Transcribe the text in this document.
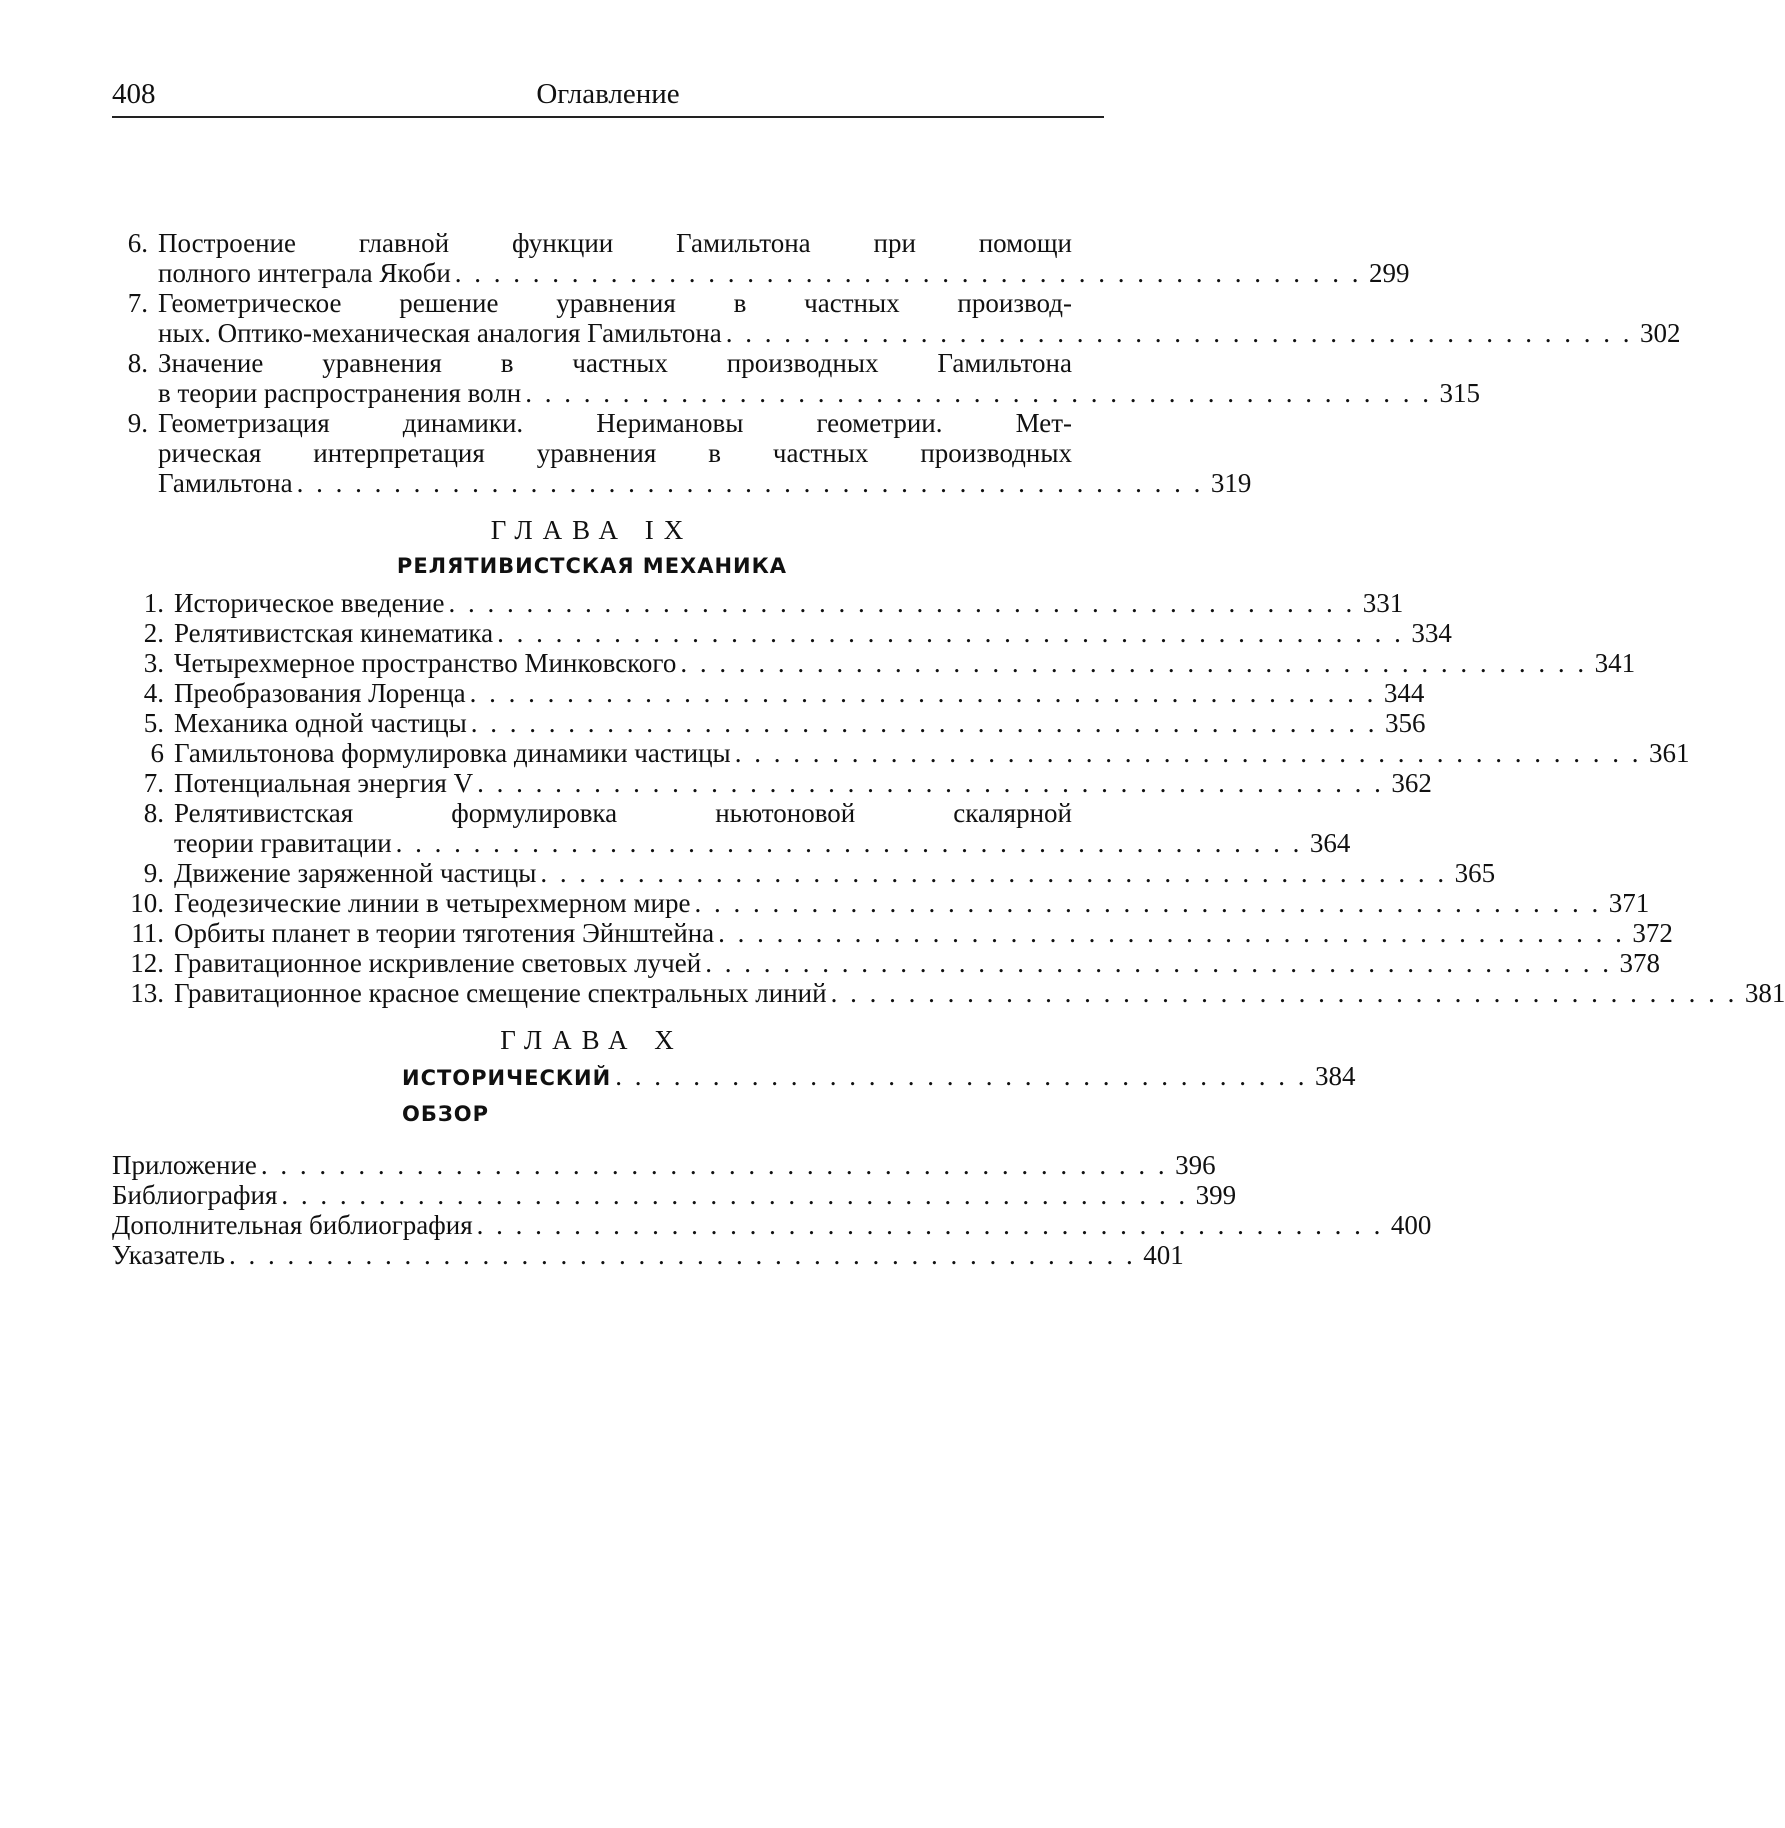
408	Оглавление
6. Построение главной функции Гамильтона при помощи
полного интеграла Якоби . . . . . . . . . . . . . . . . . . . . . . . . . . . . . . . . . . . . . . . . . . . . . . . 299
7. Геометрическое решение уравнения в частных производ-
ных. Оптико-механическая аналогия Гамильтона . . . . . . . . . . . . . . . . . . . . . . . . . . . . . . . . . . . . . . . . . . . . . . . 302
8. Значение уравнения в частных производных Гамильтона
в теории распространения волн . . . . . . . . . . . . . . . . . . . . . . . . . . . . . . . . . . . . . . . . . . . . . . . 315
9. Геометризация динамики. Неримановы геометрии. Мет-
рическая интерпретация уравнения в частных производных
Гамильтона . . . . . . . . . . . . . . . . . . . . . . . . . . . . . . . . . . . . . . . . . . . . . . . 319
ГЛАВА IX
РЕЛЯТИВИСТСКАЯ МЕХАНИКА
1. Историческое введение . . . . . . . . . . . . . . . . . . . . . . . . . . . . . . . . . . . . . . . . . . . . . . . 331
2. Релятивистская кинематика . . . . . . . . . . . . . . . . . . . . . . . . . . . . . . . . . . . . . . . . . . . . . . . 334
3. Четырехмерное пространство Минковского . . . . . . . . . . . . . . . . . . . . . . . . . . . . . . . . . . . . . . . . . . . . . . . 341
4. Преобразования Лоренца . . . . . . . . . . . . . . . . . . . . . . . . . . . . . . . . . . . . . . . . . . . . . . . 344
5. Механика одной частицы . . . . . . . . . . . . . . . . . . . . . . . . . . . . . . . . . . . . . . . . . . . . . . . 356
6 Гамильтонова формулировка динамики частицы . . . . . . . . . . . . . . . . . . . . . . . . . . . . . . . . . . . . . . . . . . . . . . . 361
7. Потенциальная энергия V . . . . . . . . . . . . . . . . . . . . . . . . . . . . . . . . . . . . . . . . . . . . . . . 362
8. Релятивистская формулировка ньютоновой скалярной
теории гравитации . . . . . . . . . . . . . . . . . . . . . . . . . . . . . . . . . . . . . . . . . . . . . . . 364
9. Движение заряженной частицы . . . . . . . . . . . . . . . . . . . . . . . . . . . . . . . . . . . . . . . . . . . . . . . 365
10. Геодезические линии в четырехмерном мире . . . . . . . . . . . . . . . . . . . . . . . . . . . . . . . . . . . . . . . . . . . . . . . 371
11. Орбиты планет в теории тяготения Эйнштейна . . . . . . . . . . . . . . . . . . . . . . . . . . . . . . . . . . . . . . . . . . . . . . . 372
12. Гравитационное искривление световых лучей . . . . . . . . . . . . . . . . . . . . . . . . . . . . . . . . . . . . . . . . . . . . . . . 378
13. Гравитационное красное смещение спектральных линий . . . . . . . . . . . . . . . . . . . . . . . . . . . . . . . . . . . . . . . . . . . . . . . 381
ГЛАВА X
ИСТОРИЧЕСКИЙ ОБЗОР
. . . . . . . . . . . . . . . . . . . . . . . . . . . . . . . . . . . . 384
Приложение . . . . . . . . . . . . . . . . . . . . . . . . . . . . . . . . . . . . . . . . . . . . . . . 396
Библиография . . . . . . . . . . . . . . . . . . . . . . . . . . . . . . . . . . . . . . . . . . . . . . . 399
Дополнительная библиография . . . . . . . . . . . . . . . . . . . . . . . . . . . . . . . . . . . . . . . . . . . . . . . 400
Указатель . . . . . . . . . . . . . . . . . . . . . . . . . . . . . . . . . . . . . . . . . . . . . . . 401
